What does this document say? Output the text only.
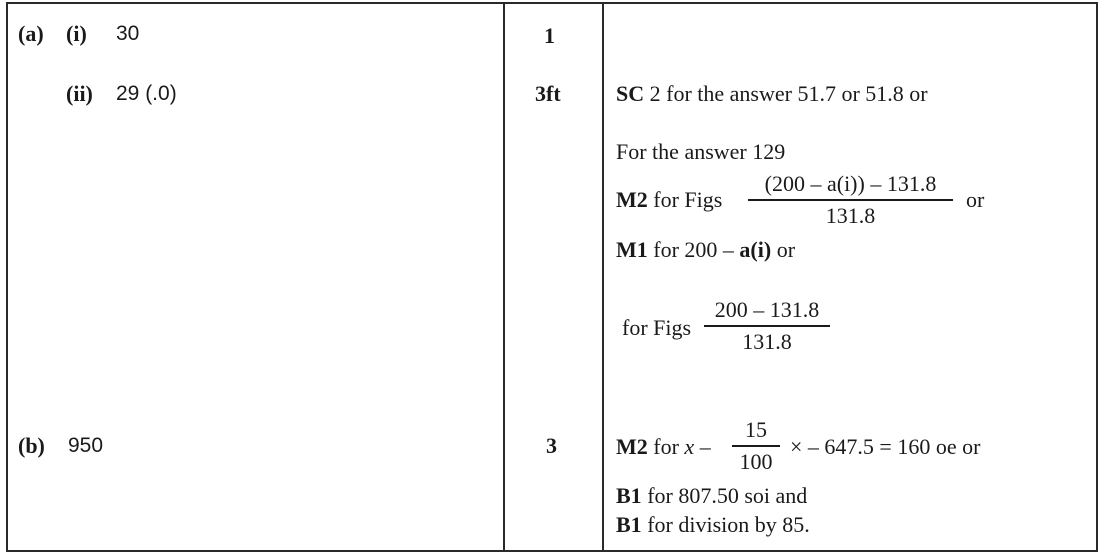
(a) (i) 30
(ii) 29 (.0)
(b) 950
1
3ft
3
SC 2 for the answer 51.7 or 51.8 or
For the answer 129
M2 for Figs
(200 – a(i)) – 131.8
131.8
or
M1 for 200 – a(i) or
for Figs
200 – 131.8
131.8
M2 for x –
15
100
× – 647.5 = 160 oe or
B1 for 807.50 soi and
B1 for division by 85.
